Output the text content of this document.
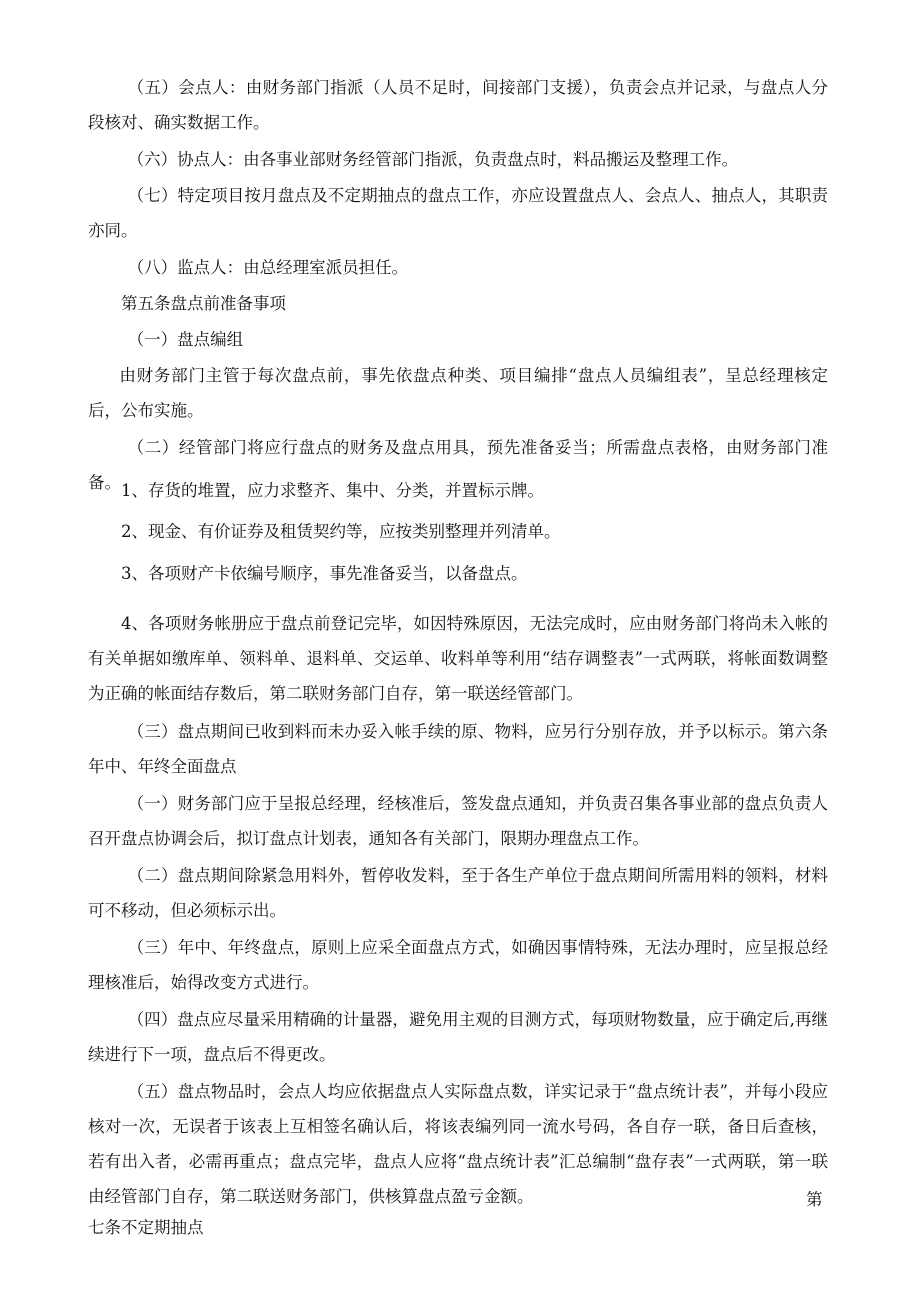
（五）会点人：由财务部门指派（人员不足时，间接部门支援），负责会点并记录，与盘点人分段核对、确实数据工作。

（六）协点人：由各事业部财务经管部门指派，负责盘点时，料品搬运及整理工作。

（七）特定项目按月盘点及不定期抽点的盘点工作，亦应设置盘点人、会点人、抽点人，其职责亦同。

（八）监点人：由总经理室派员担任。

第五条盘点前准备事项

（一）盘点编组

由财务部门主管于每次盘点前，事先依盘点种类、项目编排“盘点人员编组表”，呈总经理核定后，公布实施。

（二）经管部门将应行盘点的财务及盘点用具，预先准备妥当；所需盘点表格，由财务部门准备。 1、存货的堆置，应力求整齐、集中、分类，并置标示牌。

2、现金、有价证券及租赁契约等，应按类别整理并列清单。

3、各项财产卡依编号顺序，事先准备妥当，以备盘点。

4、各项财务帐册应于盘点前登记完毕，如因特殊原因，无法完成时，应由财务部门将尚未入帐的有关单据如缴库单、领料单、退料单、交运单、收料单等利用“结存调整表”一式两联，将帐面数调整为正确的帐面结存数后，第二联财务部门自存，第一联送经管部门。

（三）盘点期间已收到料而未办妥入帐手续的原、物料，应另行分别存放，并予以标示。第六条年中、年终全面盘点

（一）财务部门应于呈报总经理，经核准后，签发盘点通知，并负责召集各事业部的盘点负责人召开盘点协调会后，拟订盘点计划表，通知各有关部门，限期办理盘点工作。

（二）盘点期间除紧急用料外，暂停收发料，至于各生产单位于盘点期间所需用料的领料，材料可不移动，但必须标示出。

（三）年中、年终盘点，原则上应采全面盘点方式，如确因事情特殊，无法办理时，应呈报总经理核准后，始得改变方式进行。

（四）盘点应尽量采用精确的计量器，避免用主观的目测方式，每项财物数量，应于确定后,再继续进行下一项，盘点后不得更改。

（五）盘点物品时，会点人均应依据盘点人实际盘点数，详实记录于“盘点统计表”，并每小段应核对一次，无误者于该表上互相签名确认后，将该表编列同一流水号码，各自存一联，备日后查核，若有出入者，必需再重点；盘点完毕，盘点人应将“盘点统计表”汇总编制“盘存表”一式两联，第一联由经管部门自存，第二联送财务部门，供核算盘点盈亏金额。	第

七条不定期抽点
